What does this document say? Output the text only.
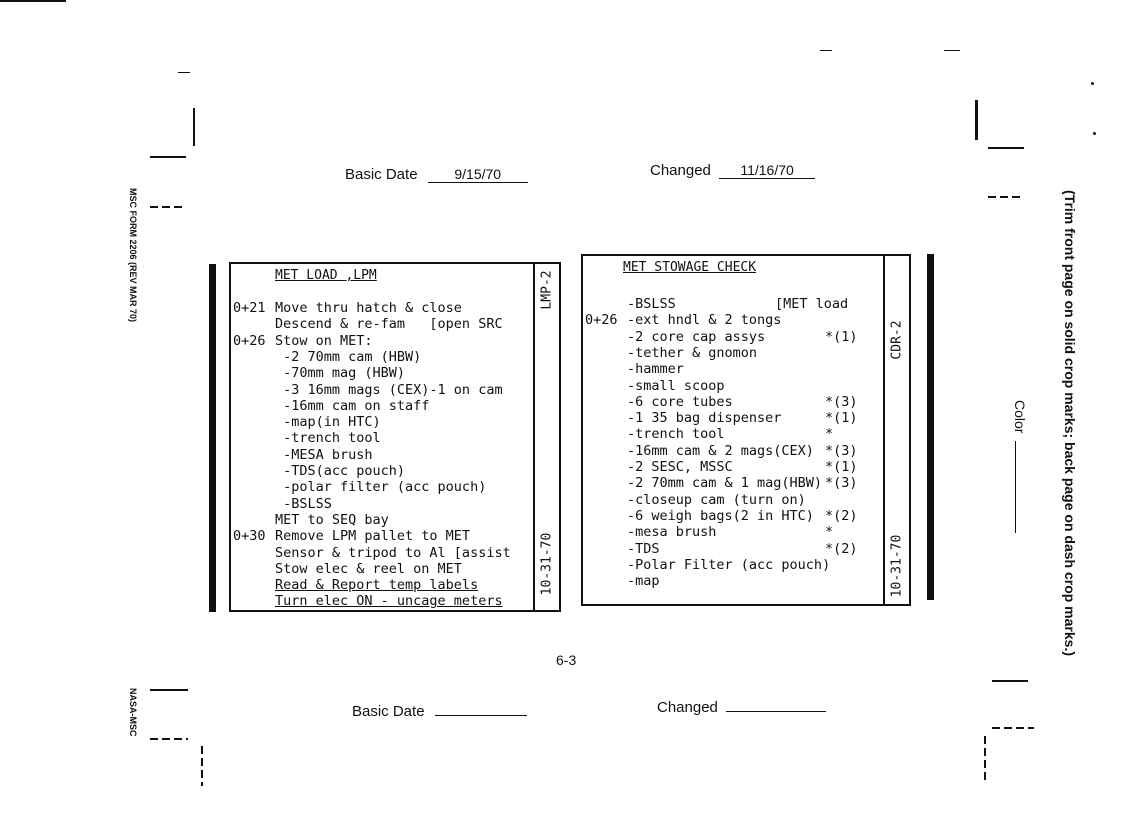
Basic Date	9/15/70	Changed 11/16/70
MSC FORM 2206 (REV MAR 70)
NASA-MSC
(Trim front page on solid crop marks; back page on dash crop marks.)
Color
MET LOAD ,LPM	LMP-2
10-31-70
0+21 Move thru hatch & close
Descend & re-fam   [open SRC
0+26 Stow on MET:
-2 70mm cam (HBW)
-70mm mag (HBW)
-3 16mm mags (CEX)-1 on cam
-16mm cam on staff
-map(in HTC)
-trench tool
-MESA brush
-TDS(acc pouch)
-polar filter (acc pouch)
-BSLSS
MET to SEQ bay
0+30 Remove LPM pallet to MET
Sensor & tripod to Al [assist
Stow elec & reel on MET
Read & Report temp labels
Turn elec ON - uncage meters
MET STOWAGE CHECK
CDR-2
10-31-70
-BSLSS	[MET load
0+26 -ext hndl & 2 tongs
-2 core cap assys	*(1)
-tether & gnomon
-hammer
-small scoop
-6 core tubes	*(3)
-1 35 bag dispenser	*(1)
-trench tool	*
-16mm cam & 2 mags(CEX) *(3)
-2 SESC, MSSC	*(1)
-2 70mm cam & 1 mag(HBW) *(3)
-closeup cam (turn on)
-6 weigh bags(2 in HTC) *(2)
-mesa brush	*
-TDS	*(2)
-Polar Filter (acc pouch)
-map
6-3
Basic Date	Changed
